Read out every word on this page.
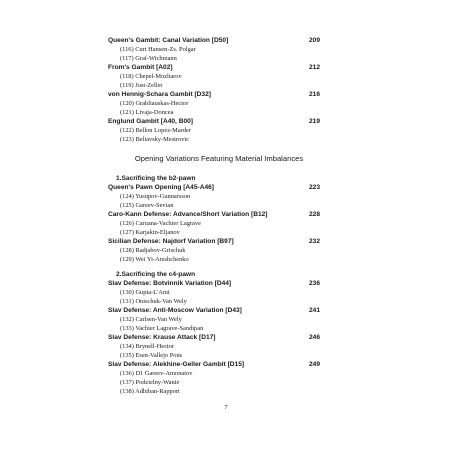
Queen's Gambit: Canal Variation [D50]	209
(116) Curt Hansen-Zs. Polgar
(117) Graf-Wichmann
From's Gambit [A02]	212
(118) Chepel-Mozharov
(119) Just-Zeller
von Hennig-Schara Gambit [D32]	216
(120) Grabliauskas-Hector
(121) Livaja-Doncea
Englund Gambit [A40, B00]	219
(122) Bellon Lopez-Marder
(123) Beliavsky-Mestrovic
Opening Variations Featuring Material Imbalances
1.Sacrificing the b2-pawn
Queen's Pawn Opening [A45-A46]	223
(124) Yusupov-Gunnarsson
(125) Gareev-Sevian
Caro-Kann Defense: Advance/Short Variation [B12]	228
(126) Caruana-Vachier Lagrave
(127) Karjakin-Eljanov
Sicilian Defense: Najdorf Variation [B97]	232
(128) Radjabov-Grischuk
(129) Wei Yi-Areshchenko
2.Sacrificing the c4-pawn
Slav Defense: Botvinnik Variation [D44]	236
(130) Gupta-L'Ami
(131) Onischuk-Van Wely
Slav Defense: Anti-Moscow Variation [D43]	241
(132) Carlsen-Van Wely
(133) Vachier Lagrave-Sandipan
Slav Defense: Krause Attack [D17]	246
(134) Brynell-Hector
(135) Esen-Vallejo Pons
Slav Defense: Alekhine-Geller Gambit [D15]	249
(136) D1 Gareev-Amonatov
(137) Podzielny-Wanie
(138) Adhiban-Rapport
7
